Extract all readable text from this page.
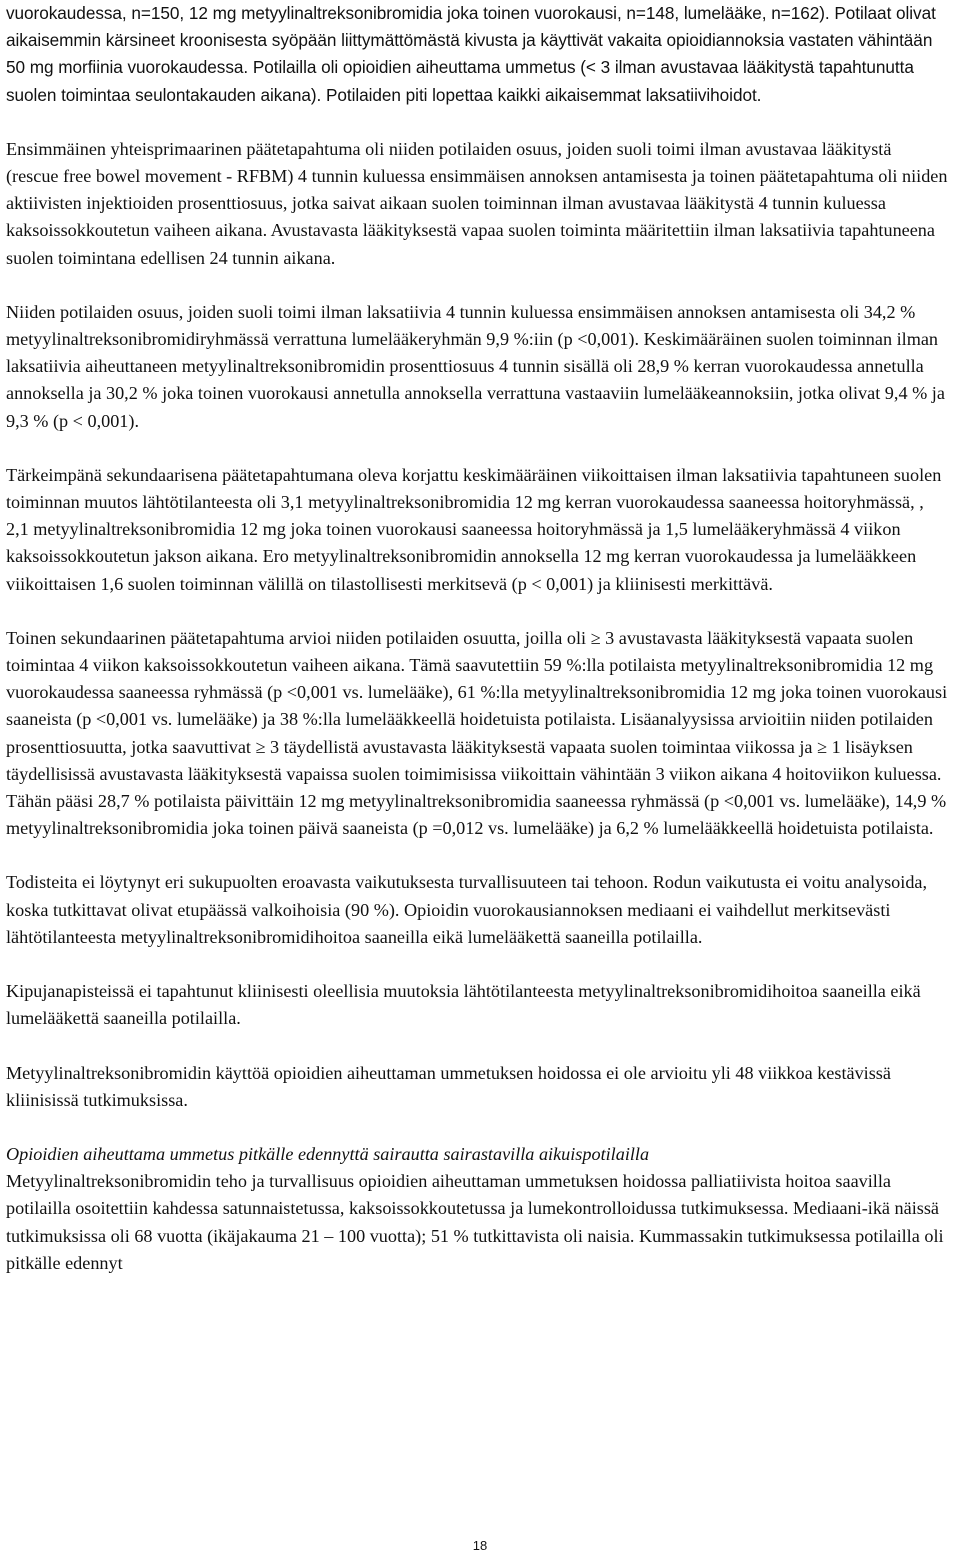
vuorokaudessa, n=150, 12 mg metyylinaltreksonibromidia joka toinen vuorokausi, n=148, lumelääke, n=162). Potilaat olivat aikaisemmin kärsineet kroonisesta syöpään liittymättömästä kivusta ja käyttivät vakaita opioidiannoksia vastaten vähintään 50 mg morfiinia vuorokaudessa. Potilailla oli opioidien aiheuttama ummetus (< 3 ilman avustavaa lääkitystä tapahtunutta suolen toimintaa seulontakauden aikana). Potilaiden piti lopettaa kaikki aikaisemmat laksatiivihoidot.

Ensimmäinen yhteisprimaarinen päätetapahtuma oli niiden potilaiden osuus, joiden suoli toimi ilman avustavaa lääkitystä (rescue free bowel movement - RFBM) 4 tunnin kuluessa ensimmäisen annoksen antamisesta ja toinen päätetapahtuma oli niiden aktiivisten injektioiden prosenttiosuus, jotka saivat aikaan suolen toiminnan ilman avustavaa lääkitystä 4 tunnin kuluessa kaksoissokkoutetun vaiheen aikana. Avustavasta lääkityksestä vapaa suolen toiminta määritettiin ilman laksatiivia tapahtuneena suolen toimintana edellisen 24 tunnin aikana.

Niiden potilaiden osuus, joiden suoli toimi ilman laksatiivia 4 tunnin kuluessa ensimmäisen annoksen antamisesta oli 34,2 % metyylinaltreksonibromidiryhmässä verrattuna lumelääkeryhmän 9,9 %:iin (p <0,001). Keskimääräinen suolen toiminnan ilman laksatiivia aiheuttaneen metyylinaltreksonibromidin prosenttiosuus 4 tunnin sisällä oli 28,9 % kerran vuorokaudessa annetulla annoksella ja 30,2 % joka toinen vuorokausi annetulla annoksella verrattuna vastaaviin lumelääkeannoksiin, jotka olivat 9,4 % ja 9,3 % (p < 0,001).

Tärkeimpänä sekundaarisena päätetapahtumana oleva korjattu keskimääräinen viikoittaisen ilman laksatiivia tapahtuneen suolen toiminnan muutos lähtötilanteesta oli 3,1 metyylinaltreksonibromidia 12 mg kerran vuorokaudessa saaneessa hoitoryhmässä, , 2,1 metyylinaltreksonibromidia 12 mg joka toinen vuorokausi saaneessa hoitoryhmässä ja 1,5 lumelääkeryhmässä 4 viikon kaksoissokkoutetun jakson aikana. Ero metyylinaltreksonibromidin annoksella 12 mg kerran vuorokaudessa ja lumelääkkeen viikoittaisen 1,6 suolen toiminnan välillä on tilastollisesti merkitsevä (p < 0,001) ja kliinisesti merkittävä.

Toinen sekundaarinen päätetapahtuma arvioi niiden potilaiden osuutta, joilla oli ≥ 3 avustavasta lääkityksestä vapaata suolen toimintaa 4 viikon kaksoissokkoutetun vaiheen aikana. Tämä saavutettiin 59 %:lla potilaista metyylinaltreksonibromidia 12 mg vuorokaudessa saaneessa ryhmässä (p <0,001 vs. lumelääke), 61 %:lla metyylinaltreksonibromidia 12 mg joka toinen vuorokausi saaneista (p <0,001 vs. lumelääke) ja 38 %:lla lumelääkkeellä hoidetuista potilaista. Lisäanalyysissa arvioitiin niiden potilaiden prosenttiosuutta, jotka saavuttivat ≥ 3 täydellistä avustavasta lääkityksestä vapaata suolen toimintaa viikossa ja ≥ 1 lisäyksen täydellisissä avustavasta lääkityksestä vapaissa suolen toimimisissa viikoittain vähintään 3 viikon aikana 4 hoitoviikon kuluessa. Tähän pääsi 28,7 % potilaista päivittäin 12 mg metyylinaltreksonibromidia saaneessa ryhmässä (p <0,001 vs. lumelääke), 14,9 % metyylinaltreksonibromidia joka toinen päivä saaneista (p =0,012 vs. lumelääke) ja 6,2 % lumelääkkeellä hoidetuista potilaista.

Todisteita ei löytynyt eri sukupuolten eroavasta vaikutuksesta turvallisuuteen tai tehoon. Rodun vaikutusta ei voitu analysoida, koska tutkittavat olivat etupäässä valkoihoisia (90 %). Opioidin vuorokausiannoksen mediaani ei vaihdellut merkitsevästi lähtötilanteesta metyylinaltreksonibromidihoitoa saaneilla eikä lumelääkettä saaneilla potilailla.

Kipujanapisteissä ei tapahtunut kliinisesti oleellisia muutoksia lähtötilanteesta metyylinaltreksonibromidihoitoa saaneilla eikä lumelääkettä saaneilla potilailla.

Metyylinaltreksonibromidin käyttöä opioidien aiheuttaman ummetuksen hoidossa ei ole arvioitu yli 48 viikkoa kestävissä kliinisissä tutkimuksissa.

Opioidien aiheuttama ummetus pitkälle edennyttä sairautta sairastavilla aikuispotilailla

Metyylinaltreksonibromidin teho ja turvallisuus opioidien aiheuttaman ummetuksen hoidossa palliatiivista hoitoa saavilla potilailla osoitettiin kahdessa satunnaistetussa, kaksoissokkoutetussa ja lumekontrolloidussa tutkimuksessa. Mediaani-ikä näissä tutkimuksissa oli 68 vuotta (ikäjakauma 21 – 100 vuotta); 51 % tutkittavista oli naisia. Kummassakin tutkimuksessa potilailla oli pitkälle edennyt

18
